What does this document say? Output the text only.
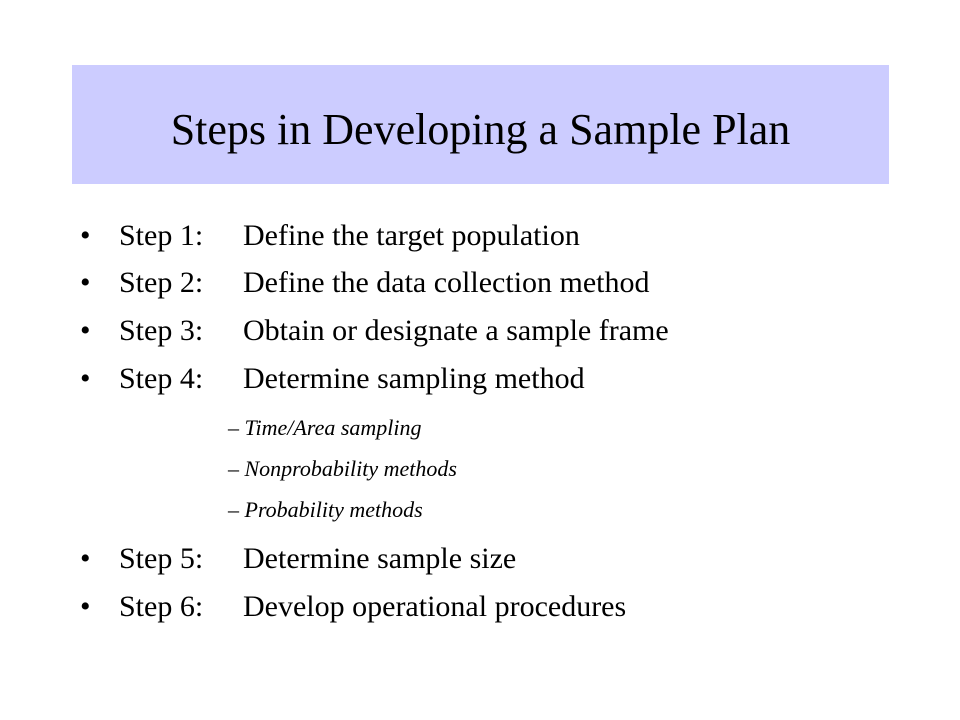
Steps in Developing a Sample Plan
• Step 1: Define the target population
• Step 2: Define the data collection method
• Step 3: Obtain or designate a sample frame
• Step 4: Determine sampling method
– Time/Area sampling
– Nonprobability methods
– Probability methods
• Step 5: Determine sample size
• Step 6: Develop operational procedures
